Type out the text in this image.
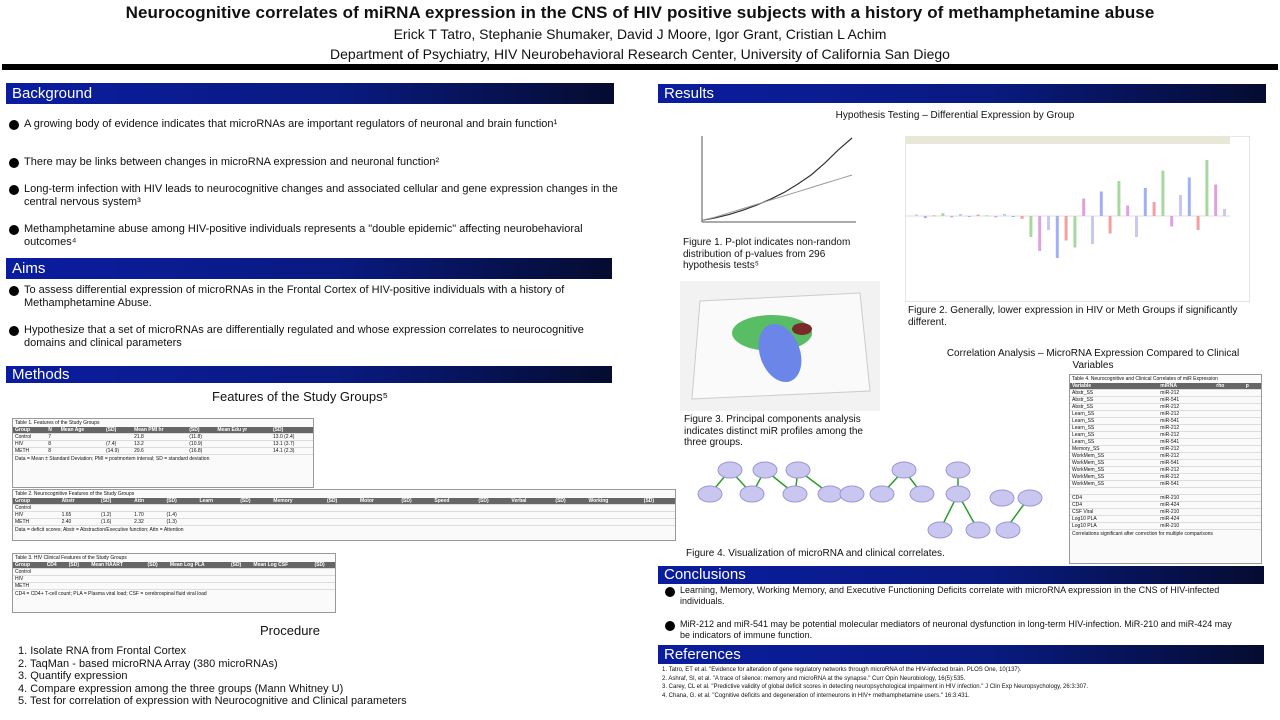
Neurocognitive correlates of miRNA expression in the CNS of HIV positive subjects with a history of methamphetamine abuse
Erick T Tatro, Stephanie Shumaker, David J Moore, Igor Grant, Cristian L Achim
Department of Psychiatry, HIV Neurobehavioral Research Center, University of California San Diego
Background
A growing body of evidence indicates that microRNAs are important regulators of neuronal and brain function¹
There may be links between changes in microRNA expression and neuronal function²
Long-term infection with HIV leads to neurocognitive changes and associated cellular and gene expression changes in the central nervous system³
Methamphetamine abuse among HIV-positive individuals represents a "double epidemic" affecting neurobehavioral outcomes⁴
Aims
To assess differential expression of microRNAs in the Frontal Cortex of HIV-positive individuals with a history of Methamphetamine Abuse.
Hypothesize that a set of microRNAs are differentially regulated and whose expression correlates to neurocognitive domains and clinical parameters
Methods
Features of the Study Groups⁵
Table 1. Features of the Study Groups
Group	N	Mean Age	(SD)	Mean PMI hr	(SD)	Mean Edu yr	(SD)
Control	7			21.8	(11.8)		13.0 (2.4)
HIV	8		(7.4)	13.2	(10.9)		13.1 (3.7)
METH	8		(14.9)	29.6	(16.8)		14.1 (2.3)
Data = Mean ± Standard Deviation; PMI = postmortem interval; SD = standard deviation
Table 2. Neurocognitive Features of the Study Groups
Group	Abstr	(SD)	Attn	(SD)	Learn	(SD)	Memory	(SD)	Motor	(SD)	Speed	(SD)	Verbal	(SD)	Working	(SD)
Control																
HIV	1.65	(1.2)	1.70	(1.4)												
METH	2.40	(1.6)	2.32	(1.3)												
Data = deficit scores; Abstr = Abstraction/Executive function; Attn = Attention
Table 3. HIV Clinical Features of the Study Groups
Group	CD4	(SD)	Mean HAART	(SD)	Mean Log PLA	(SD)	Mean Log CSF	(SD)
Control								
HIV								
METH								
CD4 = CD4+ T-cell count; PLA = Plasma viral load; CSF = cerebrospinal fluid viral load
Procedure
1. Isolate RNA from Frontal Cortex
2. TaqMan - based microRNA Array (380 microRNAs)
3. Quantify expression
4. Compare expression among the three groups (Mann Whitney U)
5. Test for correlation of expression with Neurocognitive and Clinical parameters
Results
Hypothesis Testing – Differential Expression by Group
Figure 1. P-plot indicates non-random distribution of p-values from 296 hypothesis tests⁵
Figure 2. Generally, lower expression in HIV or Meth Groups if significantly different.
Figure 3. Principal components analysis indicates distinct miR profiles among the three groups.
Correlation Analysis – MicroRNA Expression Compared to Clinical Variables
Figure 4. Visualization of microRNA and clinical correlates.
Table 4. Neurocognitive and Clinical Correlates of miR Expression
Variable	miRNA	rho	p
Abstr_SS	miR-212		
Abstr_SS	miR-541		
Abstr_SS	miR-212		
Learn_SS	miR-212		
Learn_SS	miR-541		
Learn_SS	miR-212		
Learn_SS	miR-212		
Learn_SS	miR-541		
Memory_SS	miR-212		
WorkMem_SS	miR-212		
WorkMem_SS	miR-541		
WorkMem_SS	miR-212		
WorkMem_SS	miR-212		
WorkMem_SS	miR-541		

CD4	miR-210		
CD4	miR-424		
CSF Viral	miR-210		
Log10 PLA	miR-424		
Log10 PLA	miR-210		
Correlations significant after correction for multiple comparisons
Conclusions
Learning, Memory, Working Memory, and Executive Functioning Deficits correlate with microRNA expression in the CNS of HIV-infected individuals.
MiR-212 and miR-541 may be potential molecular mediators of neuronal dysfunction in long-term HIV-infection. MiR-210 and miR-424 may be indicators of immune function.
References
1. Tatro, ET et al. "Evidence for alteration of gene regulatory networks through microRNA of the HIV-infected brain. PLOS One, 10(137).
2. Ashraf, SI, et al. "A trace of silence: memory and microRNA at the synapse." Curr Opin Neurobiology, 16(5):535.
3. Carey, CL et al. "Predictive validity of global deficit scores in detecting neuropsychological impairment in HIV infection." J Clin Exp Neuropsychology, 26:3:307.
4. Chana, G. et al. "Cognitive deficits and degeneration of interneurons in HIV+ methamphetamine users." 16:3:431.
